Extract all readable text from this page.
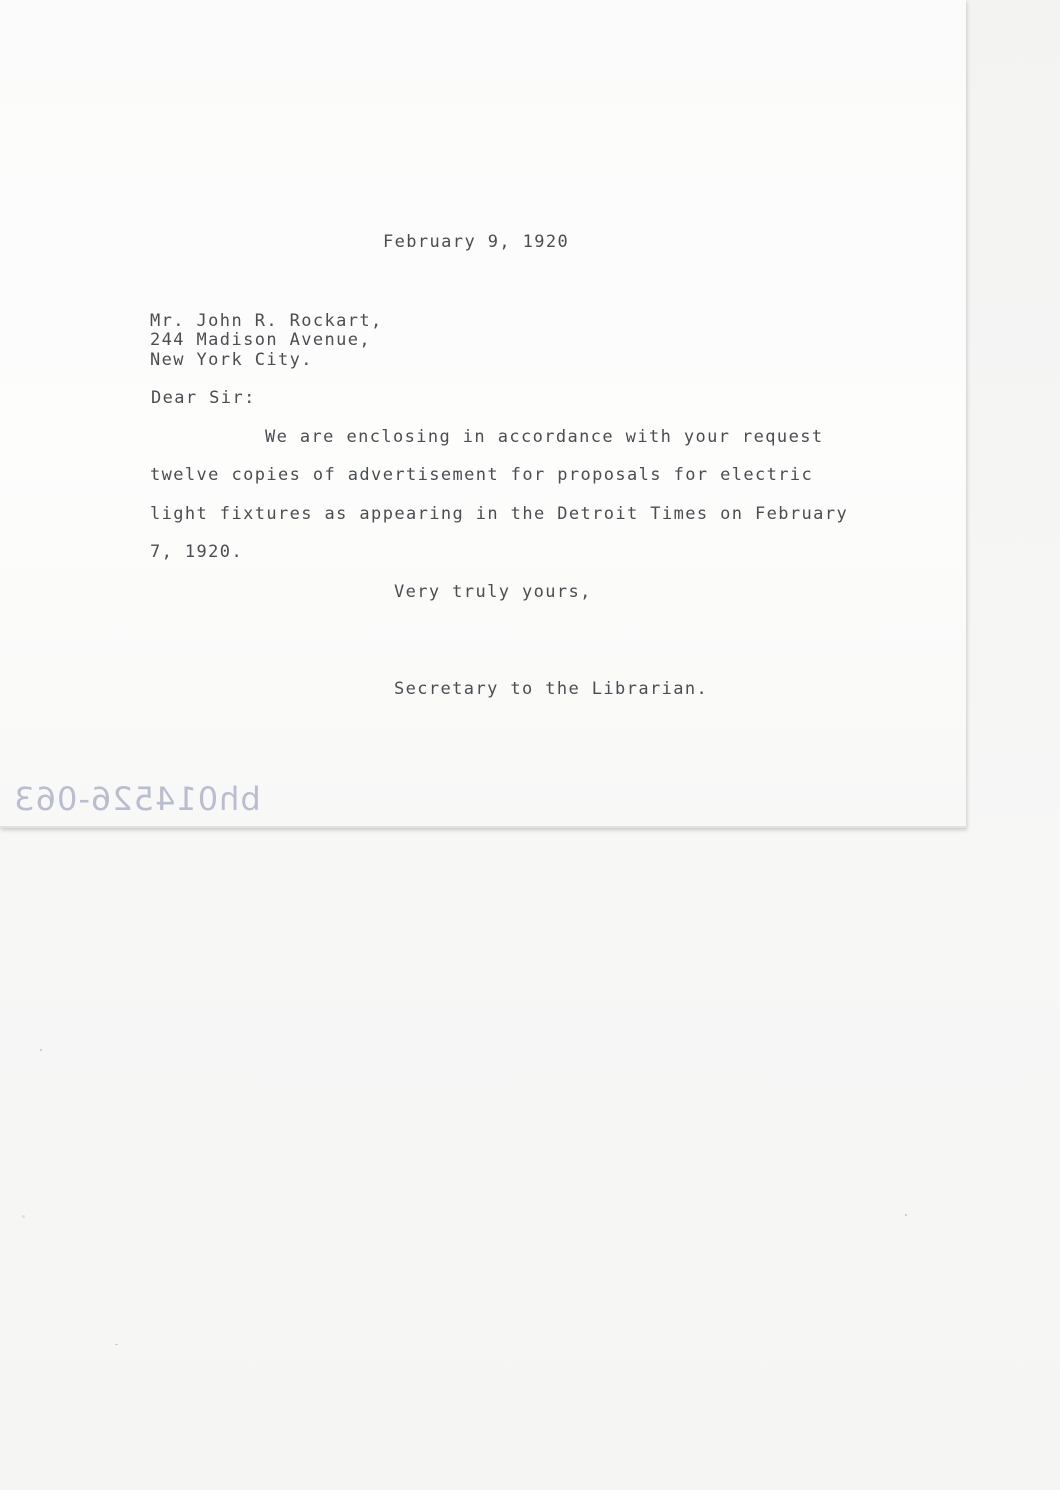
February 9, 1920
Mr. John R. Rockart,
244 Madison Avenue,
New York City.
Dear Sir:
We are enclosing in accordance with your request
twelve copies of advertisement for proposals for electric
light fixtures as appearing in the Detroit Times on February
7, 1920.
Very truly yours,
Secretary to the Librarian.
bh014526-063
